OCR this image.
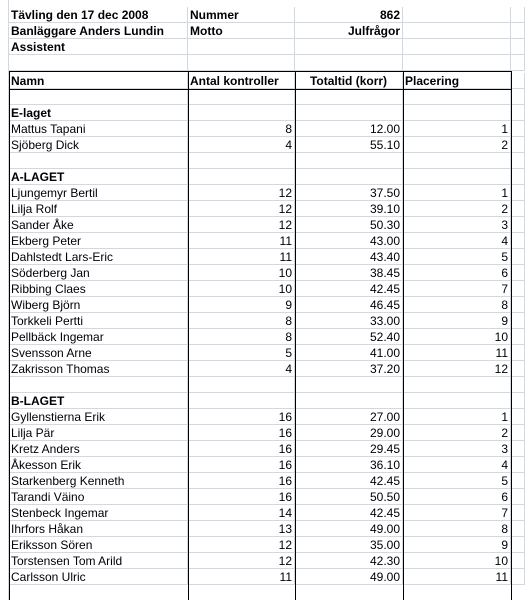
Tävling den 17 dec 2008	Nummer	862
Banläggare Anders Lundin	Motto	Julfrågor
Assistent
Namn	Antal kontroller	Totaltid (korr)	Placering
E-laget
Mattus Tapani	8	12.00	1
Sjöberg Dick	4	55.10	2
A-LAGET
Ljungemyr Bertil	12	37.50	1
Lilja Rolf	12	39.10	2
Sander Åke	12	50.30	3
Ekberg Peter	11	43.00	4
Dahlstedt Lars-Eric	11	43.40	5
Söderberg Jan	10	38.45	6
Ribbing Claes	10	42.45	7
Wiberg Björn	9	46.45	8
Torkkeli Pertti	8	33.00	9
Pellbäck Ingemar	8	52.40	10
Svensson Arne	5	41.00	11
Zakrisson Thomas	4	37.20	12
B-LAGET
Gyllenstierna Erik	16	27.00	1
Lilja Pär	16	29.00	2
Kretz Anders	16	29.45	3
Åkesson Erik	16	36.10	4
Starkenberg Kenneth	16	42.45	5
Tarandi Väino	16	50.50	6
Stenbeck Ingemar	14	42.45	7
Ihrfors Håkan	13	49.00	8
Eriksson Sören	12	35.00	9
Torstensen Tom Arild	12	42.30	10
Carlsson Ulric	11	49.00	11
